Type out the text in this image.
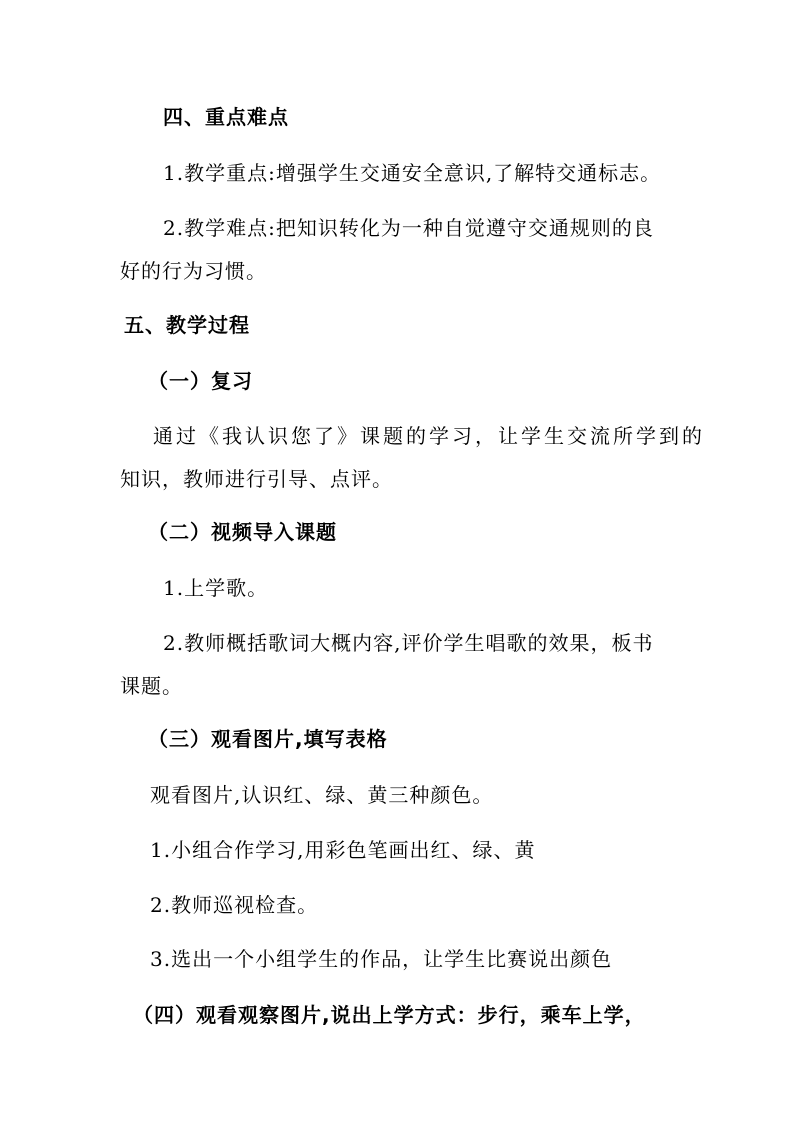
四、重点难点
1.教学重点:增强学生交通安全意识,了解特交通标志。
2.教学难点:把知识转化为一种自觉遵守交通规则的良
好的行为习惯。
五、教学过程
（一）复习
通过《我认识您了》课题的学习，让学生交流所学到的
知识，教师进行引导、点评。
（二）视频导入课题
1.上学歌。
2.教师概括歌词大概内容,评价学生唱歌的效果，板书
课题。
（三）观看图片,填写表格
观看图片,认识红、绿、黄三种颜色。
1.小组合作学习,用彩色笔画出红、绿、黄
2.教师巡视检查。
3.选出一个小组学生的作品，让学生比赛说出颜色
（四）观看观察图片,说出上学方式：步行，乘车上学，
